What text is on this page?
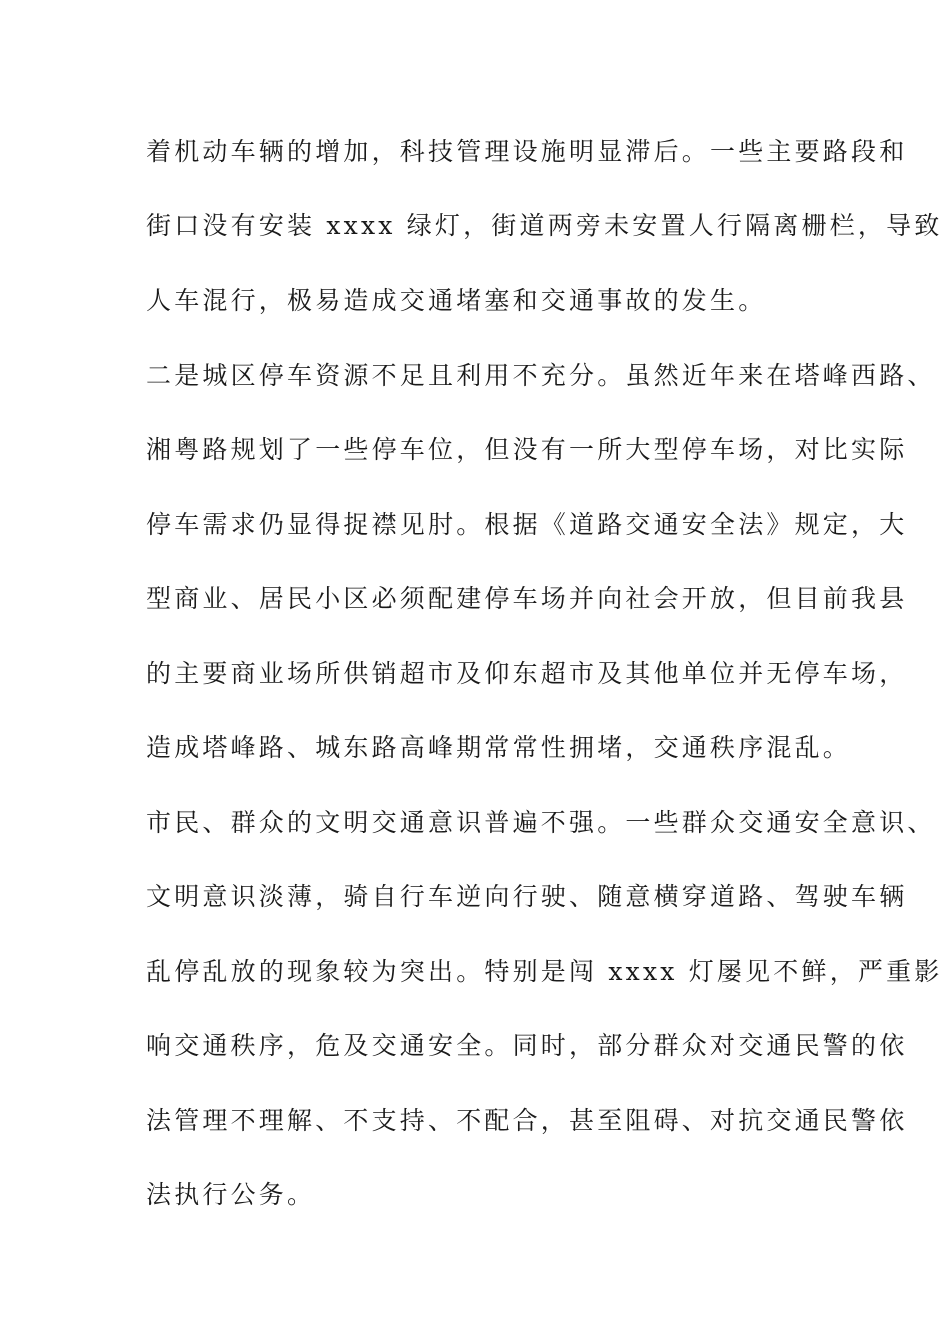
着机动车辆的增加，科技管理设施明显滞后。一些主要路段和

街口没有安装 xxxx 绿灯，街道两旁未安置人行隔离栅栏，导致

人车混行，极易造成交通堵塞和交通事故的发生。

二是城区停车资源不足且利用不充分。虽然近年来在塔峰西路、

湘粤路规划了一些停车位，但没有一所大型停车场，对比实际

停车需求仍显得捉襟见肘。根据《道路交通安全法》规定，大

型商业、居民小区必须配建停车场并向社会开放，但目前我县

的主要商业场所供销超市及仰东超市及其他单位并无停车场，

造成塔峰路、城东路高峰期常常性拥堵，交通秩序混乱。

市民、群众的文明交通意识普遍不强。一些群众交通安全意识、

文明意识淡薄，骑自行车逆向行驶、随意横穿道路、驾驶车辆

乱停乱放的现象较为突出。特别是闯 xxxx 灯屡见不鲜，严重影

响交通秩序，危及交通安全。同时，部分群众对交通民警的依

法管理不理解、不支持、不配合，甚至阻碍、对抗交通民警依

法执行公务。
